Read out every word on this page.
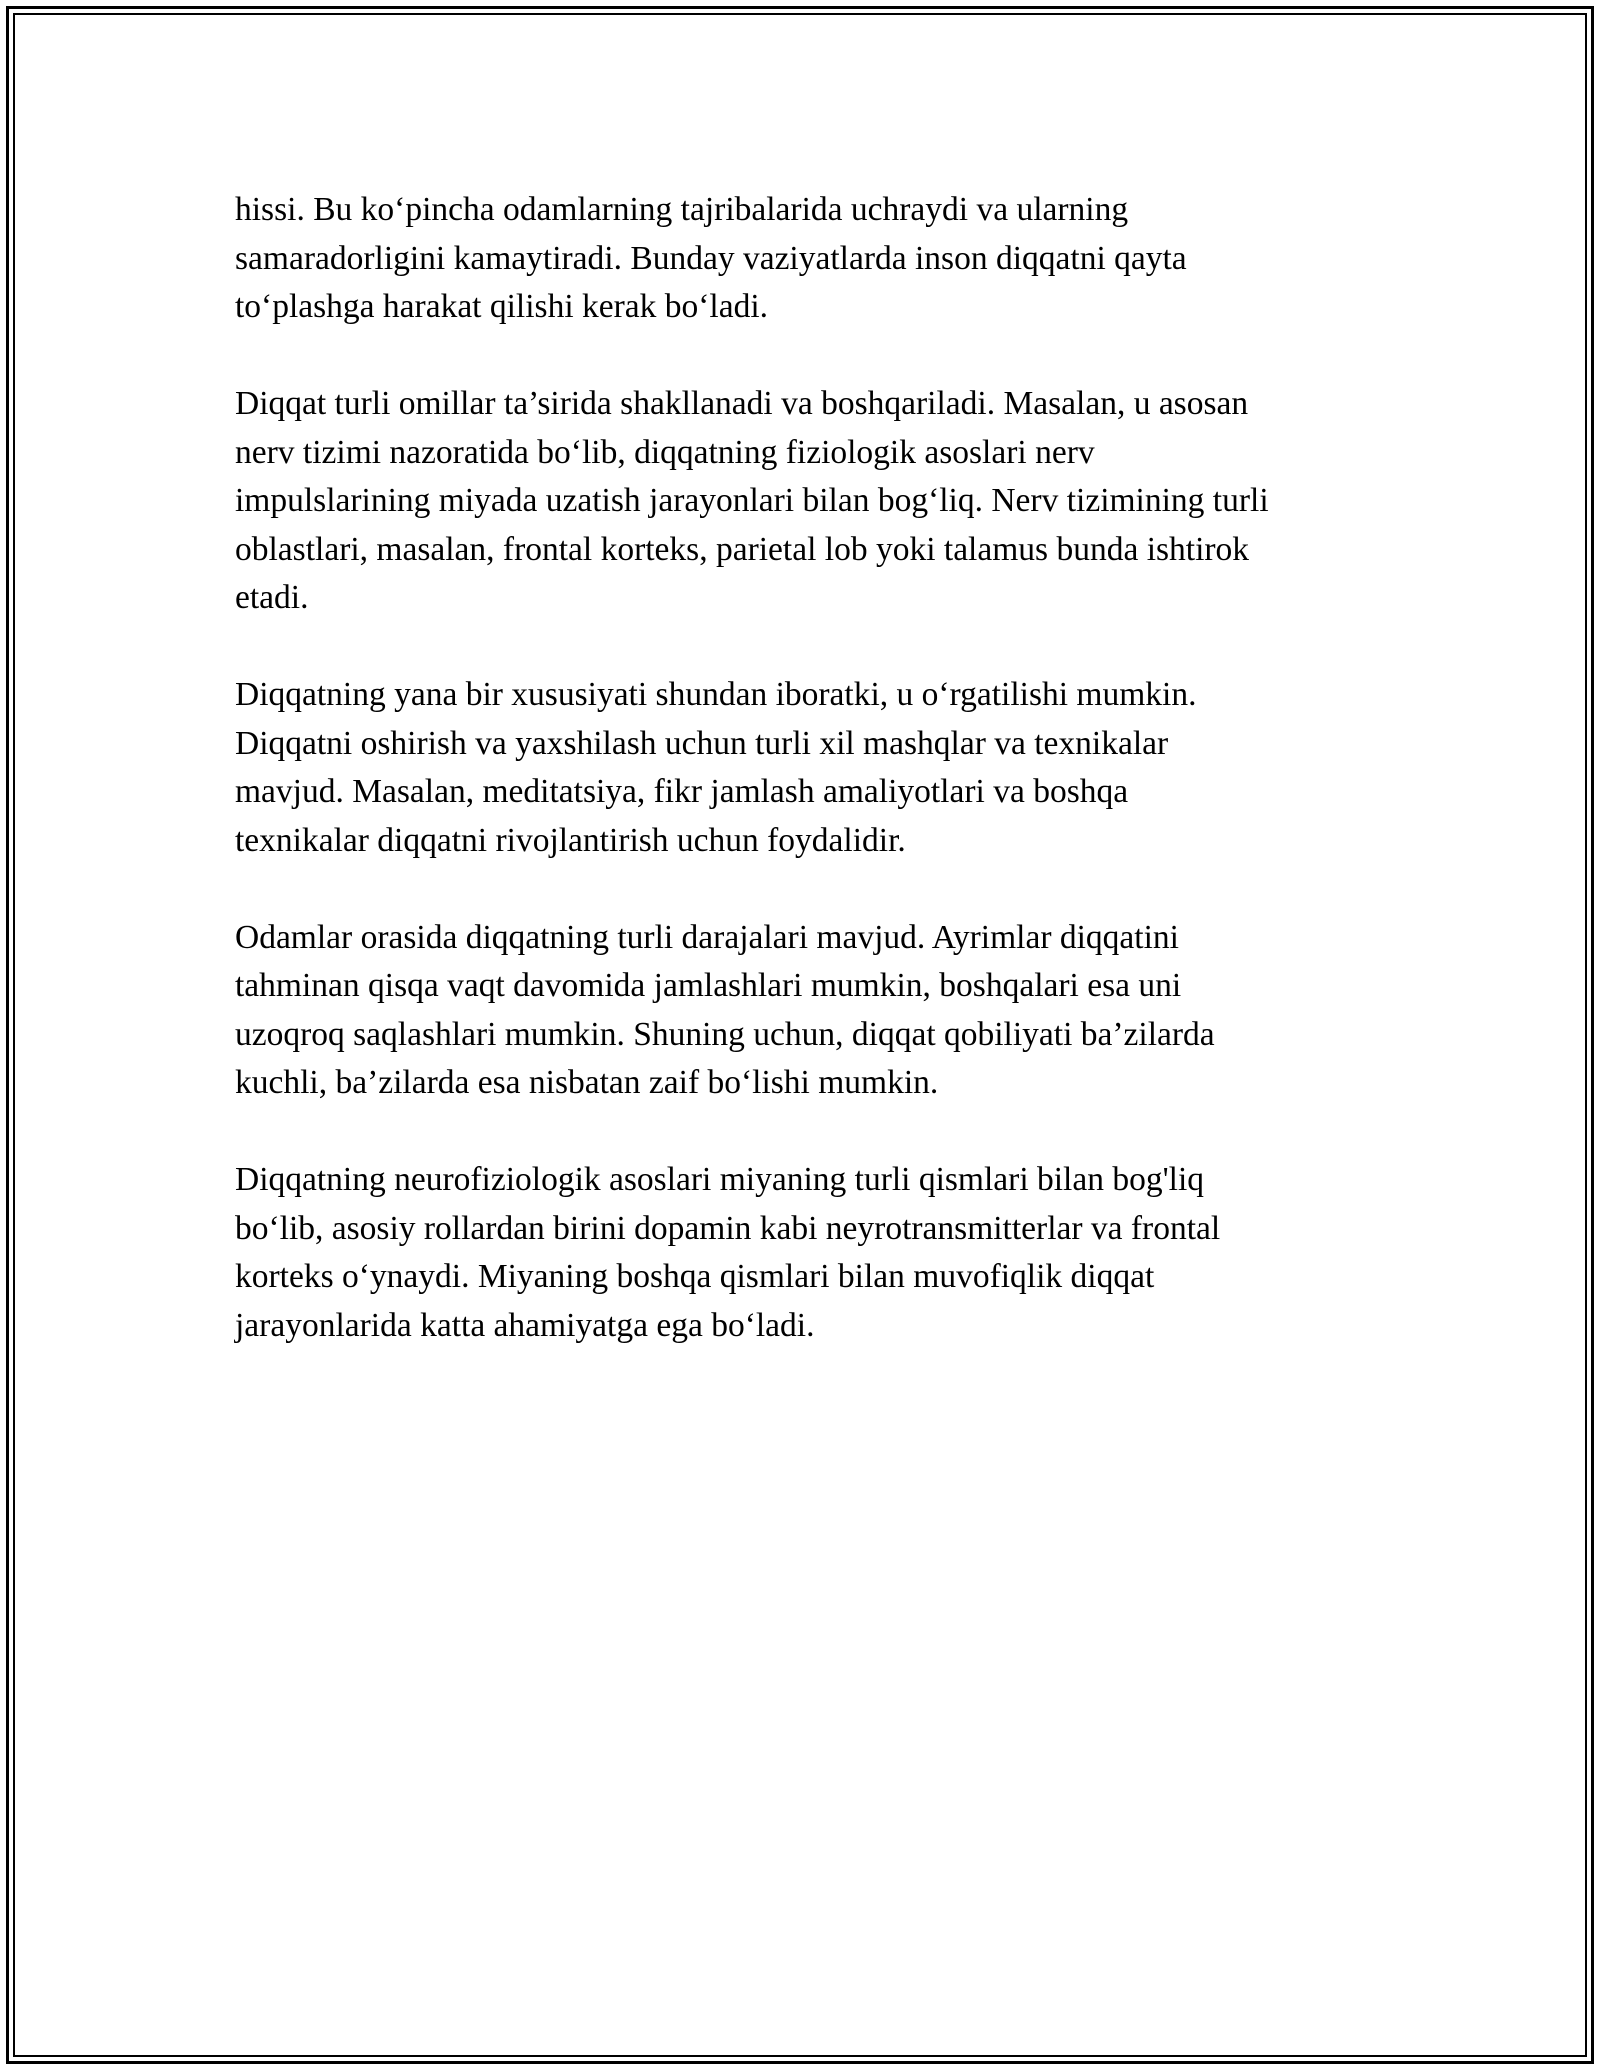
hissi. Bu ko‘pincha odamlarning tajribalarida uchraydi va ularning
samaradorligini kamaytiradi. Bunday vaziyatlarda inson diqqatni qayta
to‘plashga harakat qilishi kerak bo‘ladi.

Diqqat turli omillar ta’sirida shakllanadi va boshqariladi. Masalan, u asosan
nerv tizimi nazoratida bo‘lib, diqqatning fiziologik asoslari nerv
impulslarining miyada uzatish jarayonlari bilan bog‘liq. Nerv tizimining turli
oblastlari, masalan, frontal korteks, parietal lob yoki talamus bunda ishtirok
etadi.

Diqqatning yana bir xususiyati shundan iboratki, u o‘rgatilishi mumkin.
Diqqatni oshirish va yaxshilash uchun turli xil mashqlar va texnikalar
mavjud. Masalan, meditatsiya, fikr jamlash amaliyotlari va boshqa
texnikalar diqqatni rivojlantirish uchun foydalidir.

Odamlar orasida diqqatning turli darajalari mavjud. Ayrimlar diqqatini
tahminan qisqa vaqt davomida jamlashlari mumkin, boshqalari esa uni
uzoqroq saqlashlari mumkin. Shuning uchun, diqqat qobiliyati ba’zilarda
kuchli, ba’zilarda esa nisbatan zaif bo‘lishi mumkin.

Diqqatning neurofiziologik asoslari miyaning turli qismlari bilan bog'liq
bo‘lib, asosiy rollardan birini dopamin kabi neyrotransmitterlar va frontal
korteks o‘ynaydi. Miyaning boshqa qismlari bilan muvofiqlik diqqat
jarayonlarida katta ahamiyatga ega bo‘ladi.
